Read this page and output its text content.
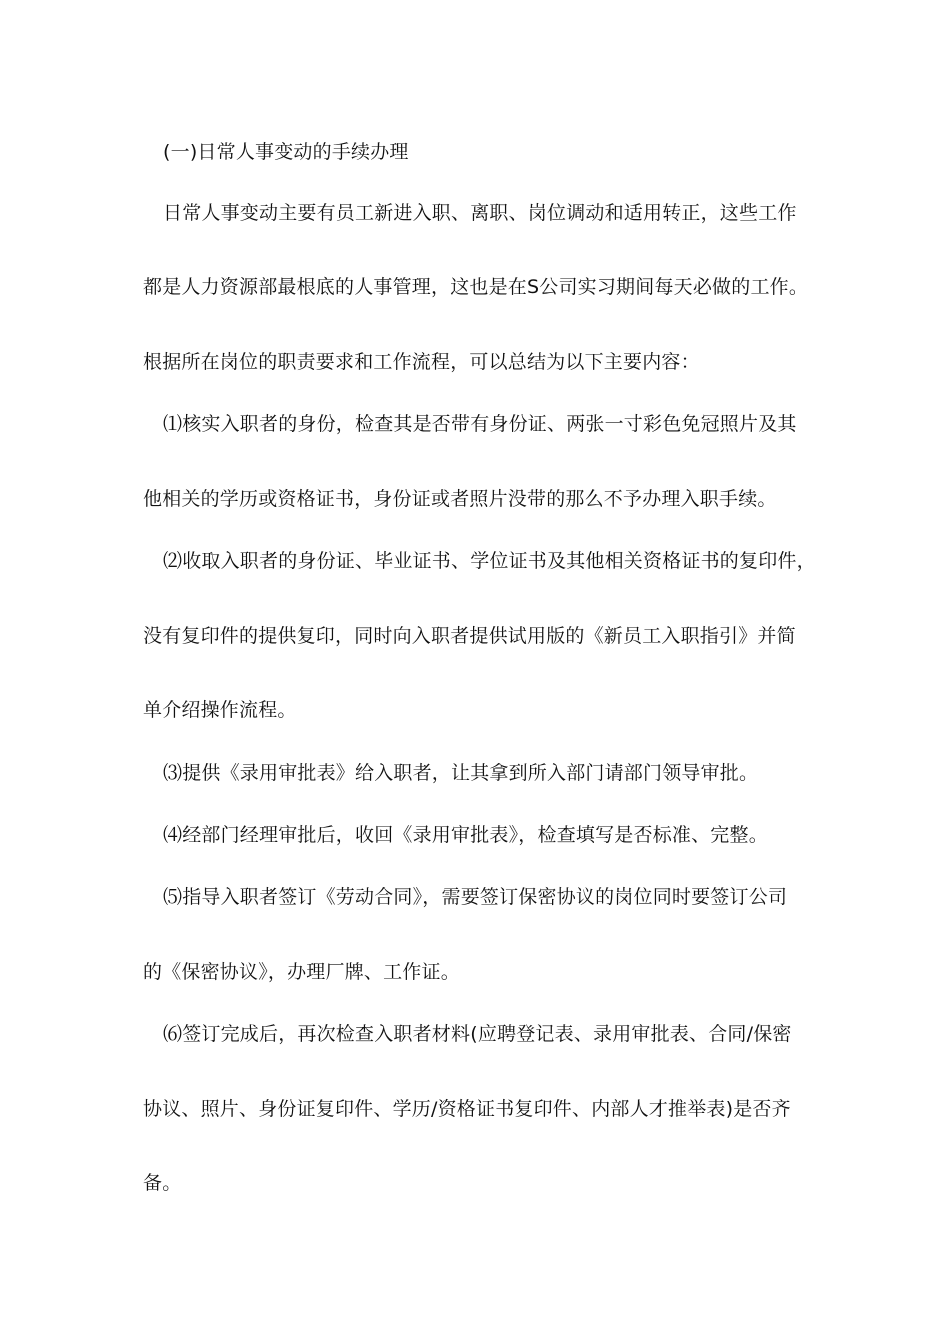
(一)日常人事变动的手续办理
日常人事变动主要有员工新进入职、离职、岗位调动和适用转正，这些工作
都是人力资源部最根底的人事管理，这也是在S公司实习期间每天必做的工作。
根据所在岗位的职责要求和工作流程，可以总结为以下主要内容：
⑴核实入职者的身份，检查其是否带有身份证、两张一寸彩色免冠照片及其
他相关的学历或资格证书，身份证或者照片没带的那么不予办理入职手续。
⑵收取入职者的身份证、毕业证书、学位证书及其他相关资格证书的复印件，
没有复印件的提供复印，同时向入职者提供试用版的《新员工入职指引》并简
单介绍操作流程。
⑶提供《录用审批表》给入职者，让其拿到所入部门请部门领导审批。
⑷经部门经理审批后，收回《录用审批表》，检查填写是否标准、完整。
⑸指导入职者签订《劳动合同》，需要签订保密协议的岗位同时要签订公司
的《保密协议》，办理厂牌、工作证。
⑹签订完成后，再次检查入职者材料(应聘登记表、录用审批表、合同/保密
协议、照片、身份证复印件、学历/资格证书复印件、内部人才推举表)是否齐
备。
